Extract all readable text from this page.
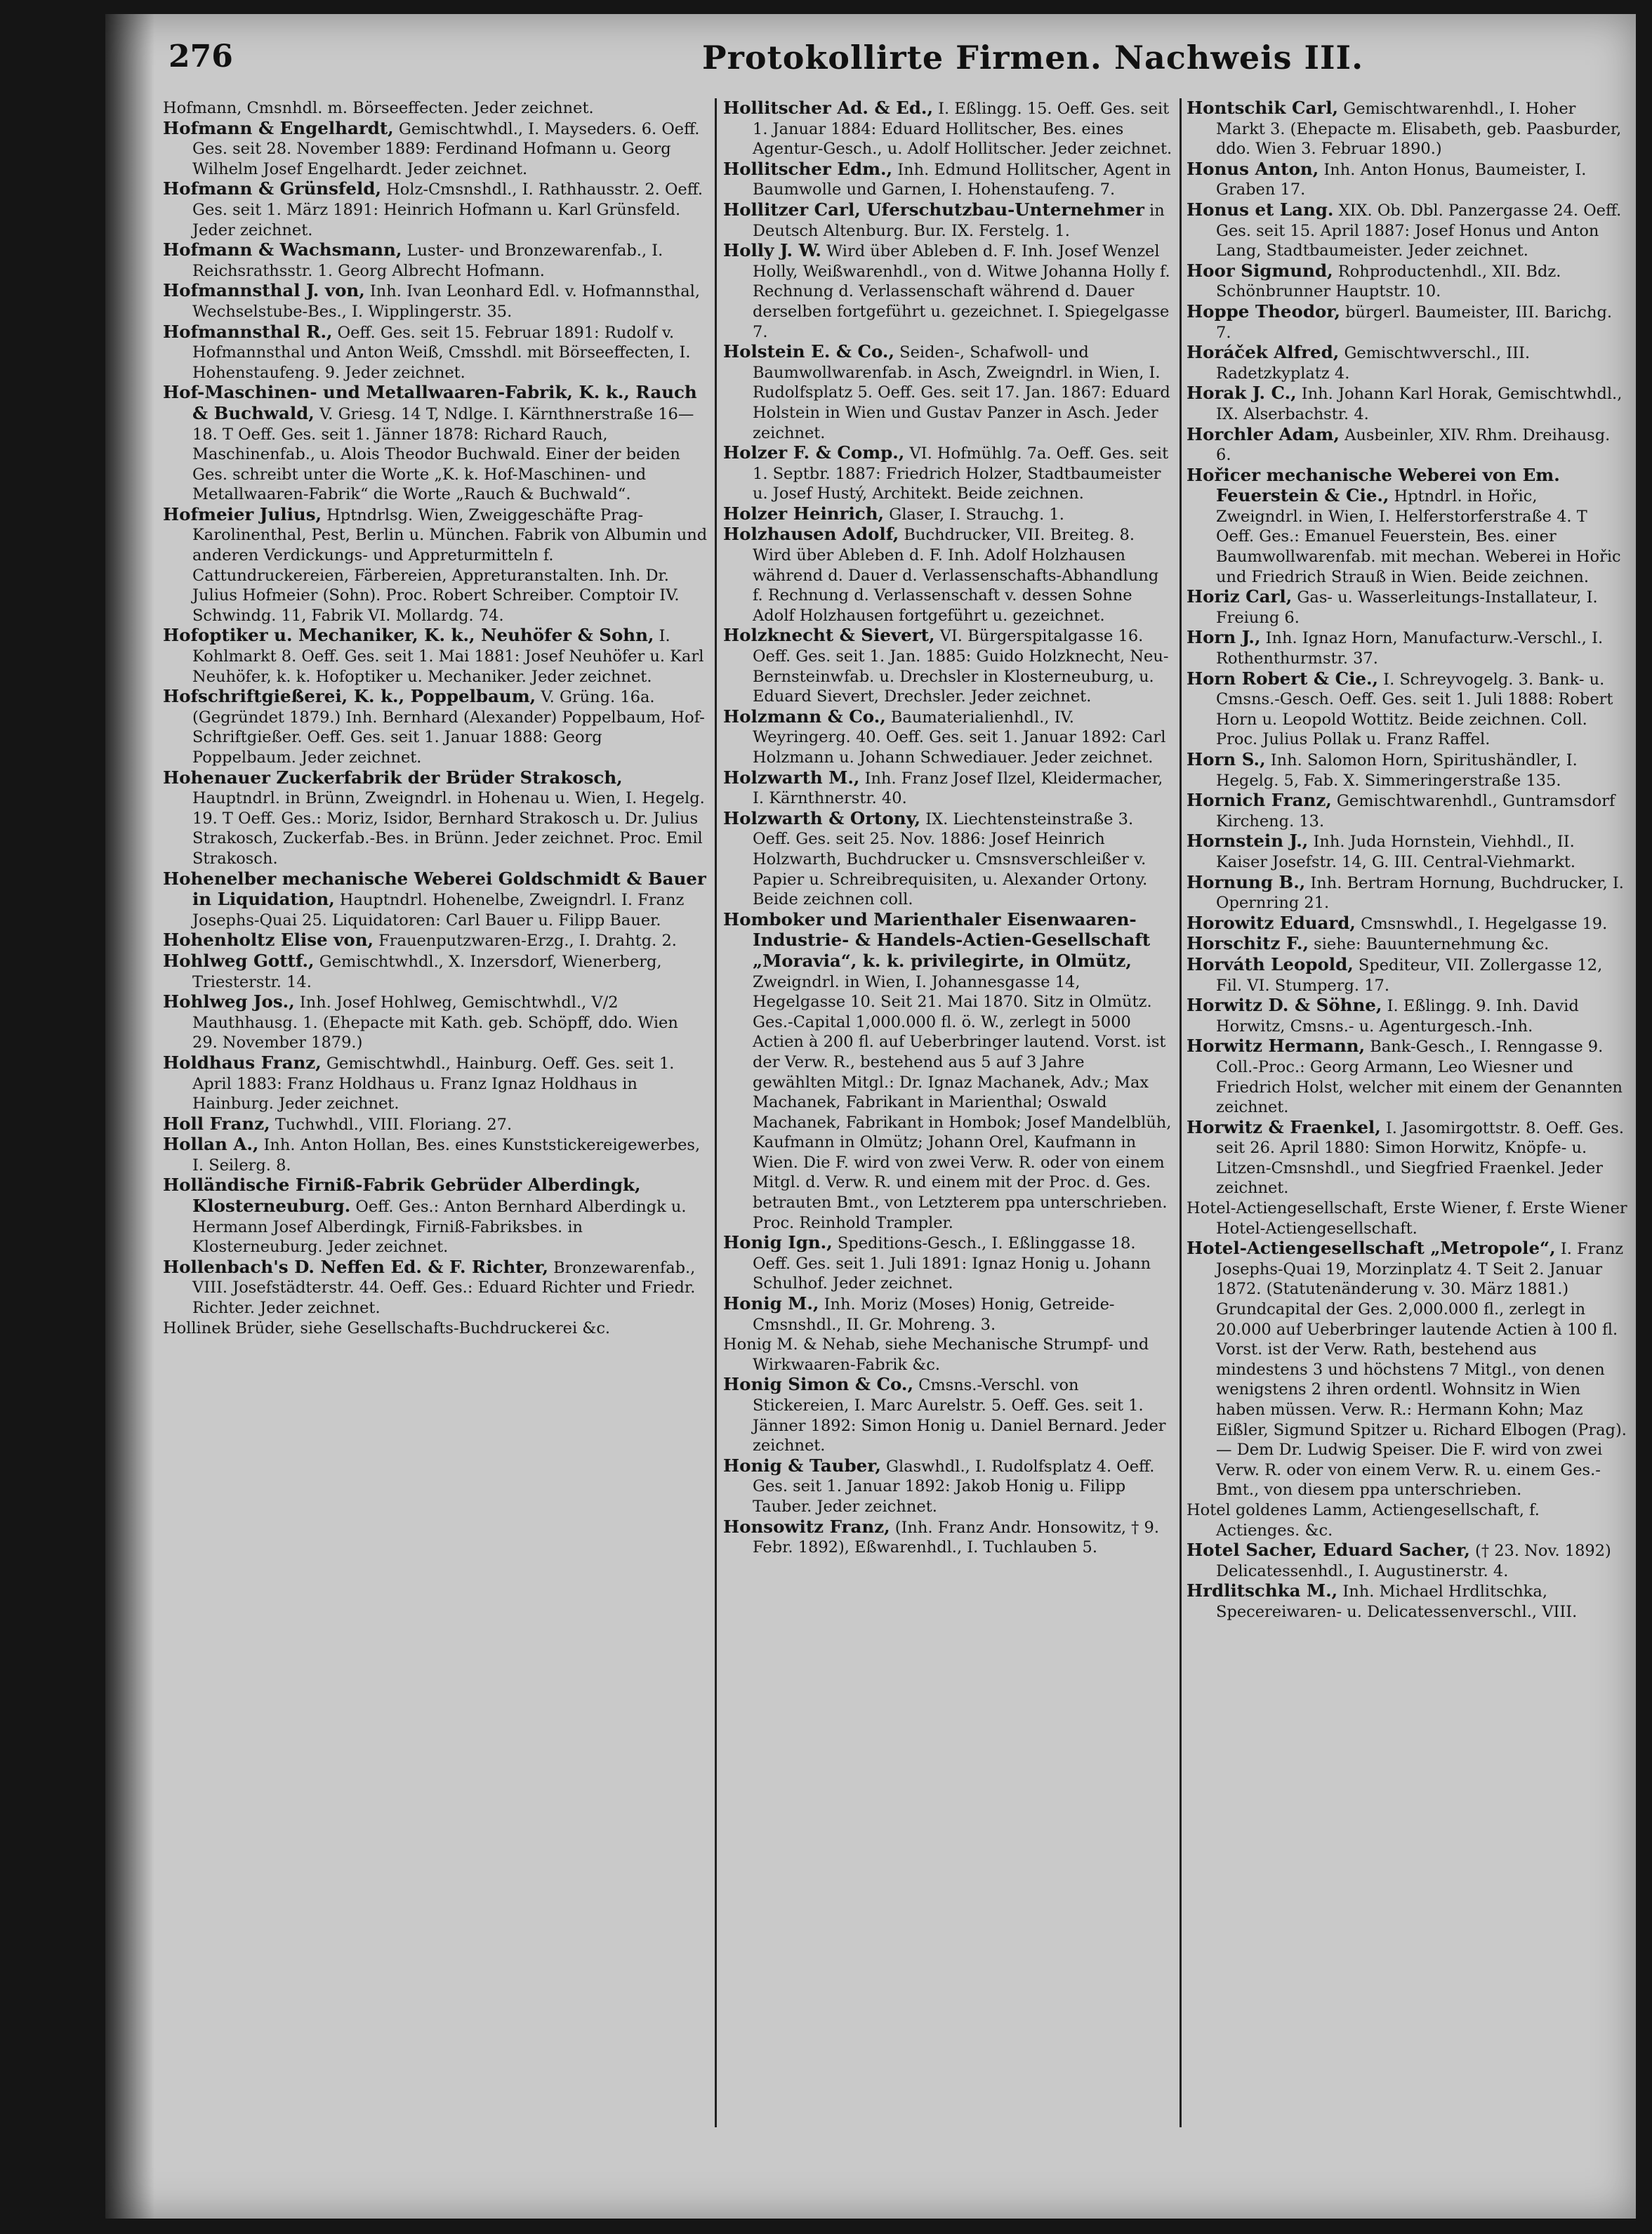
276	Protokollirte Firmen. Nachweis III.

Hofmann, Cmsnhdl. m. Börseeffecten. Jeder zeichnet.

Hofmann & Engelhardt, Gemischtwhdl., I. Mayseders. 6. Oeff. Ges. seit 28. November 1889: Ferdinand Hofmann u. Georg Wilhelm Josef Engelhardt. Jeder zeichnet.

Hofmann & Grünsfeld, Holz-Cmsnshdl., I. Rathhausstr. 2. Oeff. Ges. seit 1. März 1891: Heinrich Hofmann u. Karl Grünsfeld. Jeder zeichnet.

Hofmann & Wachsmann, Luster- und Bronzewarenfab., I. Reichsrathsstr. 1. Georg Albrecht Hofmann.

Hofmannsthal J. von, Inh. Ivan Leonhard Edl. v. Hofmannsthal, Wechselstube-Bes., I. Wipplingerstr. 35.

Hofmannsthal R., Oeff. Ges. seit 15. Februar 1891: Rudolf v. Hofmannsthal und Anton Weiß, Cmsshdl. mit Börseeffecten, I. Hohenstaufeng. 9. Jeder zeichnet.

Hof-Maschinen- und Metallwaaren-Fabrik, K. k., Rauch & Buchwald, V. Griesg. 14 T, Ndlge. I. Kärnthnerstraße 16—18. T Oeff. Ges. seit 1. Jänner 1878: Richard Rauch, Maschinenfab., u. Alois Theodor Buchwald. Einer der beiden Ges. schreibt unter die Worte „K. k. Hof-Maschinen- und Metallwaaren-Fabrik“ die Worte „Rauch & Buchwald“.

Hofmeier Julius, Hptndrlsg. Wien, Zweiggeschäfte Prag-Karolinenthal, Pest, Berlin u. München. Fabrik von Albumin und anderen Verdickungs- und Appreturmitteln f. Cattundruckereien, Färbereien, Appreturanstalten. Inh. Dr. Julius Hofmeier (Sohn). Proc. Robert Schreiber. Comptoir IV. Schwindg. 11, Fabrik VI. Mollardg. 74.

Hofoptiker u. Mechaniker, K. k., Neuhöfer & Sohn, I. Kohlmarkt 8. Oeff. Ges. seit 1. Mai 1881: Josef Neuhöfer u. Karl Neuhöfer, k. k. Hofoptiker u. Mechaniker. Jeder zeichnet.

Hofschriftgießerei, K. k., Poppelbaum, V. Grüng. 16a. (Gegründet 1879.) Inh. Bernhard (Alexander) Poppelbaum, Hof-Schriftgießer. Oeff. Ges. seit 1. Januar 1888: Georg Poppelbaum. Jeder zeichnet.

Hohenauer Zuckerfabrik der Brüder Strakosch, Hauptndrl. in Brünn, Zweigndrl. in Hohenau u. Wien, I. Hegelg. 19. T Oeff. Ges.: Moriz, Isidor, Bernhard Strakosch u. Dr. Julius Strakosch, Zuckerfab.-Bes. in Brünn. Jeder zeichnet. Proc. Emil Strakosch.

Hohenelber mechanische Weberei Goldschmidt & Bauer in Liquidation, Hauptndrl. Hohenelbe, Zweigndrl. I. Franz Josephs-Quai 25. Liquidatoren: Carl Bauer u. Filipp Bauer.

Hohenholtz Elise von, Frauenputzwaren-Erzg., I. Drahtg. 2.

Hohlweg Gottf., Gemischtwhdl., X. Inzersdorf, Wienerberg, Triesterstr. 14.

Hohlweg Jos., Inh. Josef Hohlweg, Gemischtwhdl., V/2 Mauthhausg. 1. (Ehepacte mit Kath. geb. Schöpff, ddo. Wien 29. November 1879.)

Holdhaus Franz, Gemischtwhdl., Hainburg. Oeff. Ges. seit 1. April 1883: Franz Holdhaus u. Franz Ignaz Holdhaus in Hainburg. Jeder zeichnet.

Holl Franz, Tuchwhdl., VIII. Floriang. 27.

Hollan A., Inh. Anton Hollan, Bes. eines Kunststickereigewerbes, I. Seilerg. 8.

Holländische Firniß-Fabrik Gebrüder Alberdingk, Klosterneuburg. Oeff. Ges.: Anton Bernhard Alberdingk u. Hermann Josef Alberdingk, Firniß-Fabriksbes. in Klosterneuburg. Jeder zeichnet.

Hollenbach's D. Neffen Ed. & F. Richter, Bronzewarenfab., VIII. Josefstädterstr. 44. Oeff. Ges.: Eduard Richter und Friedr. Richter. Jeder zeichnet.

Hollinek Brüder, siehe Gesellschafts-Buchdruckerei &c.

Hollitscher Ad. & Ed., I. Eßlingg. 15. Oeff. Ges. seit 1. Januar 1884: Eduard Hollitscher, Bes. eines Agentur-Gesch., u. Adolf Hollitscher. Jeder zeichnet.

Hollitscher Edm., Inh. Edmund Hollitscher, Agent in Baumwolle und Garnen, I. Hohenstaufeng. 7.

Hollitzer Carl, Uferschutzbau-Unternehmer in Deutsch Altenburg. Bur. IX. Ferstelg. 1.

Holly J. W. Wird über Ableben d. F. Inh. Josef Wenzel Holly, Weißwarenhdl., von d. Witwe Johanna Holly f. Rechnung d. Verlassenschaft während d. Dauer derselben fortgeführt u. gezeichnet. I. Spiegelgasse 7.

Holstein E. & Co., Seiden-, Schafwoll- und Baumwollwarenfab. in Asch, Zweigndrl. in Wien, I. Rudolfsplatz 5. Oeff. Ges. seit 17. Jan. 1867: Eduard Holstein in Wien und Gustav Panzer in Asch. Jeder zeichnet.

Holzer F. & Comp., VI. Hofmühlg. 7a. Oeff. Ges. seit 1. Septbr. 1887: Friedrich Holzer, Stadtbaumeister u. Josef Hustý, Architekt. Beide zeichnen.

Holzer Heinrich, Glaser, I. Strauchg. 1.

Holzhausen Adolf, Buchdrucker, VII. Breiteg. 8. Wird über Ableben d. F. Inh. Adolf Holzhausen während d. Dauer d. Verlassenschafts-Abhandlung f. Rechnung d. Verlassenschaft v. dessen Sohne Adolf Holzhausen fortgeführt u. gezeichnet.

Holzknecht & Sievert, VI. Bürgerspitalgasse 16. Oeff. Ges. seit 1. Jan. 1885: Guido Holzknecht, Neu-Bernsteinwfab. u. Drechsler in Klosterneuburg, u. Eduard Sievert, Drechsler. Jeder zeichnet.

Holzmann & Co., Baumaterialienhdl., IV. Weyringerg. 40. Oeff. Ges. seit 1. Januar 1892: Carl Holzmann u. Johann Schwediauer. Jeder zeichnet.

Holzwarth M., Inh. Franz Josef Ilzel, Kleidermacher, I. Kärnthnerstr. 40.

Holzwarth & Ortony, IX. Liechtensteinstraße 3. Oeff. Ges. seit 25. Nov. 1886: Josef Heinrich Holzwarth, Buchdrucker u. Cmsnsverschleißer v. Papier u. Schreibrequisiten, u. Alexander Ortony. Beide zeichnen coll.

Homboker und Marienthaler Eisenwaaren-Industrie- & Handels-Actien-Gesellschaft „Moravia“, k. k. privilegirte, in Olmütz, Zweigndrl. in Wien, I. Johannesgasse 14, Hegelgasse 10. Seit 21. Mai 1870. Sitz in Olmütz. Ges.-Capital 1,000.000 fl. ö. W., zerlegt in 5000 Actien à 200 fl. auf Ueberbringer lautend. Vorst. ist der Verw. R., bestehend aus 5 auf 3 Jahre gewählten Mitgl.: Dr. Ignaz Machanek, Adv.; Max Machanek, Fabrikant in Marienthal; Oswald Machanek, Fabrikant in Hombok; Josef Mandelblüh, Kaufmann in Olmütz; Johann Orel, Kaufmann in Wien. Die F. wird von zwei Verw. R. oder von einem Mitgl. d. Verw. R. und einem mit der Proc. d. Ges. betrauten Bmt., von Letzterem ppa unterschrieben. Proc. Reinhold Trampler.

Honig Ign., Speditions-Gesch., I. Eßlinggasse 18. Oeff. Ges. seit 1. Juli 1891: Ignaz Honig u. Johann Schulhof. Jeder zeichnet.

Honig M., Inh. Moriz (Moses) Honig, Getreide-Cmsnshdl., II. Gr. Mohreng. 3.

Honig M. & Nehab, siehe Mechanische Strumpf- und Wirkwaaren-Fabrik &c.

Honig Simon & Co., Cmsns.-Verschl. von Stickereien, I. Marc Aurelstr. 5. Oeff. Ges. seit 1. Jänner 1892: Simon Honig u. Daniel Bernard. Jeder zeichnet.

Honig & Tauber, Glaswhdl., I. Rudolfsplatz 4. Oeff. Ges. seit 1. Januar 1892: Jakob Honig u. Filipp Tauber. Jeder zeichnet.

Honsowitz Franz, (Inh. Franz Andr. Honsowitz, † 9. Febr. 1892), Eßwarenhdl., I. Tuchlauben 5.

Hontschik Carl, Gemischtwarenhdl., I. Hoher Markt 3. (Ehepacte m. Elisabeth, geb. Paasburder, ddo. Wien 3. Februar 1890.)

Honus Anton, Inh. Anton Honus, Baumeister, I. Graben 17.

Honus et Lang. XIX. Ob. Dbl. Panzergasse 24. Oeff. Ges. seit 15. April 1887: Josef Honus und Anton Lang, Stadtbaumeister. Jeder zeichnet.

Hoor Sigmund, Rohproductenhdl., XII. Bdz. Schönbrunner Hauptstr. 10.

Hoppe Theodor, bürgerl. Baumeister, III. Barichg. 7.

Horáček Alfred, Gemischtwverschl., III. Radetzkyplatz 4.

Horak J. C., Inh. Johann Karl Horak, Gemischtwhdl., IX. Alserbachstr. 4.

Horchler Adam, Ausbeinler, XIV. Rhm. Dreihausg. 6.

Hořicer mechanische Weberei von Em. Feuerstein & Cie., Hptndrl. in Hořic, Zweigndrl. in Wien, I. Helferstorferstraße 4. T Oeff. Ges.: Emanuel Feuerstein, Bes. einer Baumwollwarenfab. mit mechan. Weberei in Hořic und Friedrich Strauß in Wien. Beide zeichnen.

Horiz Carl, Gas- u. Wasserleitungs-Installateur, I. Freiung 6.

Horn J., Inh. Ignaz Horn, Manufacturw.-Verschl., I. Rothenthurmstr. 37.

Horn Robert & Cie., I. Schreyvogelg. 3. Bank- u. Cmsns.-Gesch. Oeff. Ges. seit 1. Juli 1888: Robert Horn u. Leopold Wottitz. Beide zeichnen. Coll. Proc. Julius Pollak u. Franz Raffel.

Horn S., Inh. Salomon Horn, Spiritushändler, I. Hegelg. 5, Fab. X. Simmeringerstraße 135.

Hornich Franz, Gemischtwarenhdl., Guntramsdorf Kircheng. 13.

Hornstein J., Inh. Juda Hornstein, Viehhdl., II. Kaiser Josefstr. 14, G. III. Central-Viehmarkt.

Hornung B., Inh. Bertram Hornung, Buchdrucker, I. Opernring 21.

Horowitz Eduard, Cmsnswhdl., I. Hegelgasse 19.

Horschitz F., siehe: Bauunternehmung &c.

Horváth Leopold, Spediteur, VII. Zollergasse 12, Fil. VI. Stumperg. 17.

Horwitz D. & Söhne, I. Eßlingg. 9. Inh. David Horwitz, Cmsns.- u. Agenturgesch.-Inh.

Horwitz Hermann, Bank-Gesch., I. Renngasse 9. Coll.-Proc.: Georg Armann, Leo Wiesner und Friedrich Holst, welcher mit einem der Genannten zeichnet.

Horwitz & Fraenkel, I. Jasomirgottstr. 8. Oeff. Ges. seit 26. April 1880: Simon Horwitz, Knöpfe- u. Litzen-Cmsnshdl., und Siegfried Fraenkel. Jeder zeichnet.

Hotel-Actiengesellschaft, Erste Wiener, f. Erste Wiener Hotel-Actiengesellschaft.

Hotel-Actiengesellschaft „Metropole“, I. Franz Josephs-Quai 19, Morzinplatz 4. T Seit 2. Januar 1872. (Statutenänderung v. 30. März 1881.) Grundcapital der Ges. 2,000.000 fl., zerlegt in 20.000 auf Ueberbringer lautende Actien à 100 fl. Vorst. ist der Verw. Rath, bestehend aus mindestens 3 und höchstens 7 Mitgl., von denen wenigstens 2 ihren ordentl. Wohnsitz in Wien haben müssen. Verw. R.: Hermann Kohn; Maz Eißler, Sigmund Spitzer u. Richard Elbogen (Prag). — Dem Dr. Ludwig Speiser. Die F. wird von zwei Verw. R. oder von einem Verw. R. u. einem Ges.-Bmt., von diesem ppa unterschrieben.

Hotel goldenes Lamm, Actiengesellschaft, f. Actienges. &c.

Hotel Sacher, Eduard Sacher, († 23. Nov. 1892) Delicatessenhdl., I. Augustinerstr. 4.

Hrdlitschka M., Inh. Michael Hrdlitschka, Specereiwaren- u. Delicatessenverschl., VIII.
